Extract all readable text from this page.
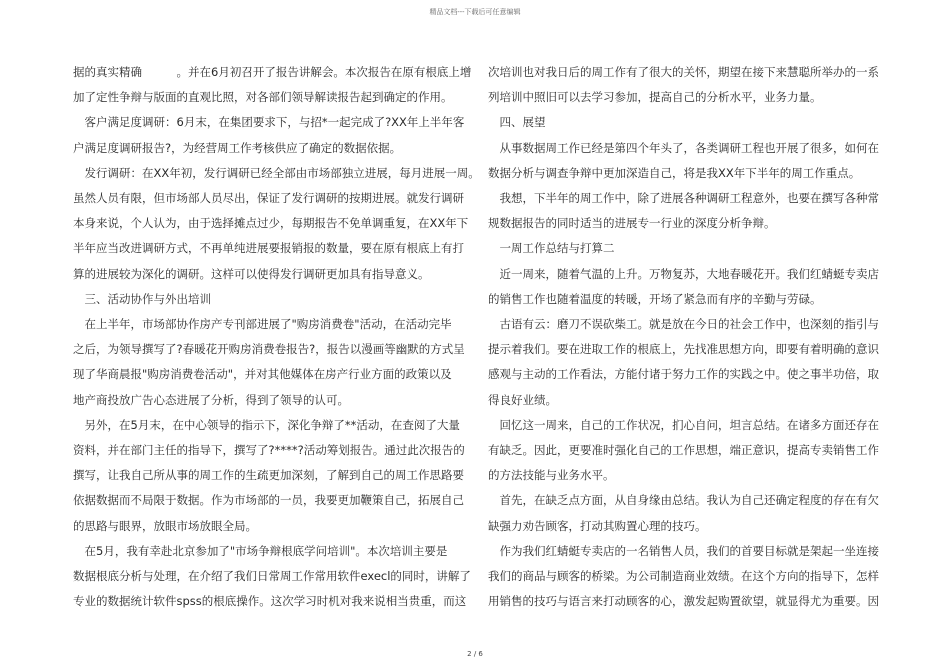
精品文档---下载后可任意编辑
据的真实精确　　　。并在6月初召开了报告讲解会。本次报告在原有根底上增
加了定性争辩与版面的直观比照，对各部们领导解读报告起到确定的作用。
　客户满足度调研：6月末，在集团要求下，与招*一起完成了?XX年上半年客
户满足度调研报告?，为经营周工作考核供应了确定的数据依据。
　发行调研：在XX年初，发行调研已经全部由市场部独立进展，每月进展一周。
虽然人员有限，但市场部人员尽出，保证了发行调研的按期进展。就发行调研
本身来说，个人认为，由于选择摊点过少，每期报告不免单调重复，在XX年下
半年应当改进调研方式，不再单纯进展要报销报的数量，要在原有根底上有打
算的进展较为深化的调研。这样可以使得发行调研更加具有指导意义。
　三、活动协作与外出培训
　在上半年，市场部协作房产专刊部进展了"购房消费卷"活动，在活动完毕
之后，为领导撰写了?春暖花开购房消费卷报告?，报告以漫画等幽默的方式呈
现了华商晨报"购房消费卷活动"，并对其他媒体在房产行业方面的政策以及
地产商投放广告心态进展了分析，得到了领导的认可。
　另外，在5月末，在中心领导的指示下，深化争辩了**活动，在查阅了大量
资料，并在部门主任的指导下，撰写了?****?活动筹划报告。通过此次报告的
撰写，让我自己所从事的周工作的生疏更加深刻，了解到自己的周工作思路要
依据数据而不局限于数据。作为市场部的一员，我要更加鞭策自己，拓展自己
的思路与眼界，放眼市场放眼全局。
　在5月，我有幸赴北京参加了"市场争辩根底学问培训"。本次培训主要是
数据根底分析与处理，在介绍了我们日常周工作常用软件execl的同时，讲解了
专业的数据统计软件spss的根底操作。这次学习时机对我来说相当贵重，而这
次培训也对我日后的周工作有了很大的关怀，期望在接下来慧聪所举办的一系
列培训中照旧可以去学习参加，提高自己的分析水平，业务力量。
　四、展望
　从事数据周工作已经是第四个年头了，各类调研工程也开展了很多，如何在
数据分析与调查争辩中更加深造自己，将是我XX年下半年的周工作重点。
　我想，下半年的周工作中，除了进展各种调研工程意外，也要在撰写各种常
规数据报告的同时适当的进展专一行业的深度分析争辩。
　一周工作总结与打算二
　近一周来，随着气温的上升。万物复苏，大地春暖花开。我们红蜻蜓专卖店
的销售工作也随着温度的转暖，开场了紧急而有序的辛勤与劳碌。
　古语有云：磨刀不误砍柴工。就是放在今日的社会工作中，也深刻的指引与
提示着我们。要在进取工作的根底上，先找准思想方向，即要有着明确的意识
感观与主动的工作看法，方能付诸于努力工作的实践之中。使之事半功倍，取
得良好业绩。
　回忆这一周来，自己的工作状况，扪心自问，坦言总结。在诸多方面还存在
有缺乏。因此，更要准时强化自己的工作思想，端正意识，提高专卖销售工作
的方法技能与业务水平。
　首先，在缺乏点方面，从自身缘由总结。我认为自己还确定程度的存在有欠
缺强力劝告顾客，打动其购置心理的技巧。
　作为我们红蜻蜓专卖店的一名销售人员，我们的首要目标就是架起一坐连接
我们的商品与顾客的桥梁。为公司制造商业效绩。在这个方向的指导下，怎样
用销售的技巧与语言来打动顾客的心，激发起购置欲望，就显得尤为重要。因
2 / 6
